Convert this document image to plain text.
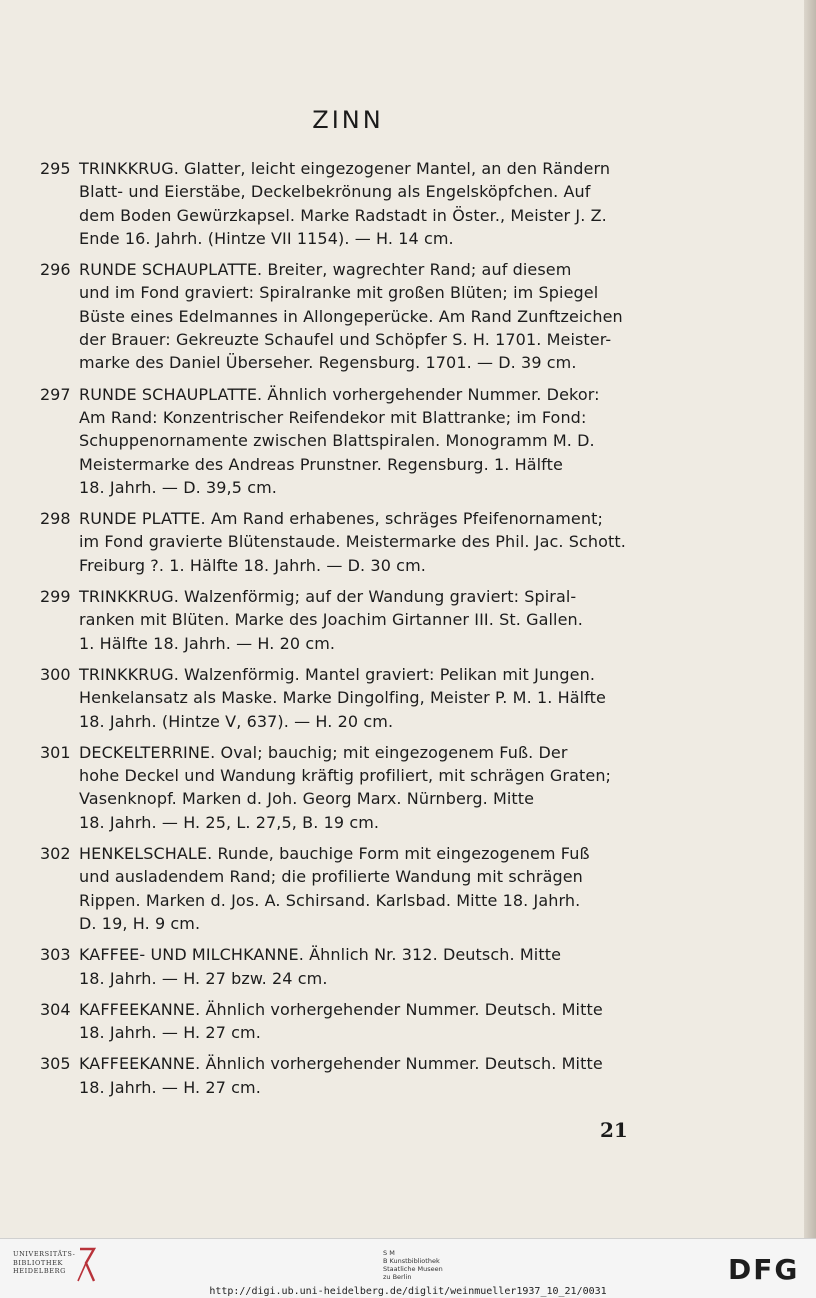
ZINN
295 TRINKKRUG. Glatter, leicht eingezogener Mantel, an den Rändern
Blatt- und Eierstäbe, Deckelbekrönung als Engelsköpfchen. Auf
dem Boden Gewürzkapsel. Marke Radstadt in Öster., Meister J. Z.
Ende 16. Jahrh. (Hintze VII 1154). — H. 14 cm.
296 RUNDE SCHAUPLATTE. Breiter, wagrechter Rand; auf diesem
und im Fond graviert: Spiralranke mit großen Blüten; im Spiegel
Büste eines Edelmannes in Allongeperücke. Am Rand Zunftzeichen
der Brauer: Gekreuzte Schaufel und Schöpfer S. H. 1701. Meister-
marke des Daniel Überseher. Regensburg. 1701. — D. 39 cm.
297 RUNDE SCHAUPLATTE. Ähnlich vorhergehender Nummer. Dekor:
Am Rand: Konzentrischer Reifendekor mit Blattranke; im Fond:
Schuppenornamente zwischen Blattspiralen. Monogramm M. D.
Meistermarke des Andreas Prunstner. Regensburg. 1. Hälfte
18. Jahrh. — D. 39,5 cm.
298 RUNDE PLATTE. Am Rand erhabenes, schräges Pfeifenornament;
im Fond gravierte Blütenstaude. Meistermarke des Phil. Jac. Schott.
Freiburg ?. 1. Hälfte 18. Jahrh. — D. 30 cm.
299 TRINKKRUG. Walzenförmig; auf der Wandung graviert: Spiral-
ranken mit Blüten. Marke des Joachim Girtanner III. St. Gallen.
1. Hälfte 18. Jahrh. — H. 20 cm.
300 TRINKKRUG. Walzenförmig. Mantel graviert: Pelikan mit Jungen.
Henkelansatz als Maske. Marke Dingolfing, Meister P. M. 1. Hälfte
18. Jahrh. (Hintze V, 637). — H. 20 cm.
301 DECKELTERRINE. Oval; bauchig; mit eingezogenem Fuß. Der
hohe Deckel und Wandung kräftig profiliert, mit schrägen Graten;
Vasenknopf. Marken d. Joh. Georg Marx. Nürnberg. Mitte
18. Jahrh. — H. 25, L. 27,5, B. 19 cm.
302 HENKELSCHALE. Runde, bauchige Form mit eingezogenem Fuß
und ausladendem Rand; die profilierte Wandung mit schrägen
Rippen. Marken d. Jos. A. Schirsand. Karlsbad. Mitte 18. Jahrh.
D. 19, H. 9 cm.
303 KAFFEE- UND MILCHKANNE. Ähnlich Nr. 312. Deutsch. Mitte
18. Jahrh. — H. 27 bzw. 24 cm.
304 KAFFEEKANNE. Ähnlich vorhergehender Nummer. Deutsch. Mitte
18. Jahrh. — H. 27 cm.
305 KAFFEEKANNE. Ähnlich vorhergehender Nummer. Deutsch. Mitte
18. Jahrh. — H. 27 cm.
21
UNIVERSITÄTS-
BIBLIOTHEK
HEIDELBERG
S M
B Kunstbibliothek
Staatliche Museen
zu Berlin	DFG
http://digi.ub.uni-heidelberg.de/diglit/weinmueller1937_10_21/0031
